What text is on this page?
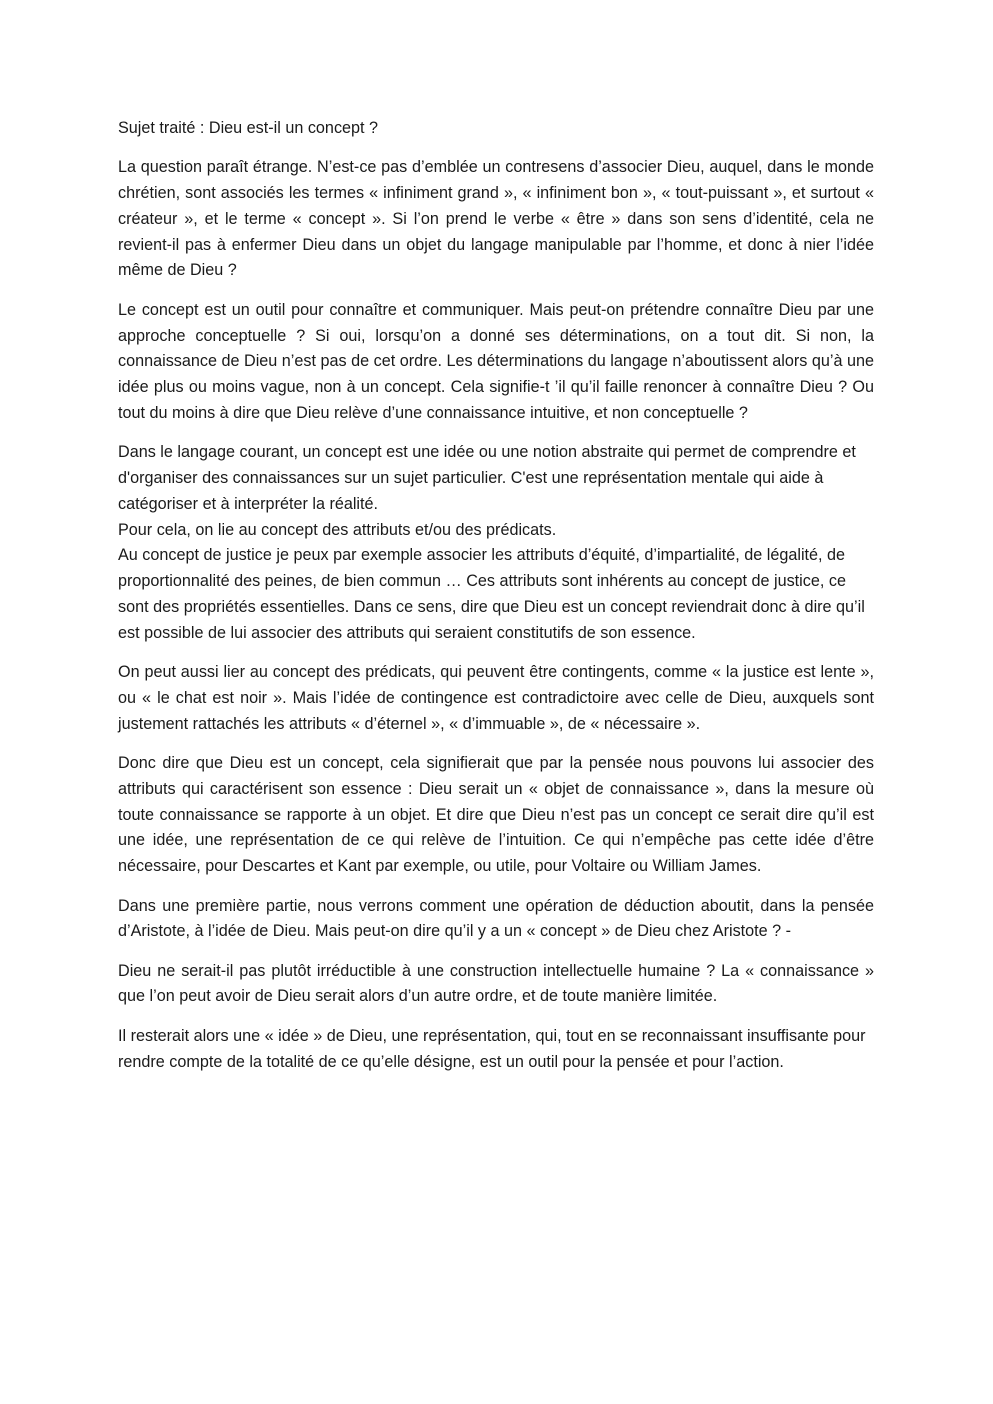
Sujet traité : Dieu est-il un concept ?

La question paraît étrange. N’est-ce pas d’emblée un contresens d’associer Dieu, auquel, dans le monde chrétien, sont associés les termes « infiniment grand », « infiniment bon », « tout-puissant », et surtout « créateur », et le terme « concept ». Si l’on prend le verbe « être » dans son sens d’identité, cela ne revient-il pas à enfermer Dieu dans un objet du langage manipulable par l’homme, et donc à nier l’idée même de Dieu ?

Le concept est un outil pour connaître et communiquer. Mais peut-on prétendre connaître Dieu par une approche conceptuelle ? Si oui, lorsqu’on a donné ses déterminations, on a tout dit. Si non, la connaissance de Dieu n’est pas de cet ordre. Les déterminations du langage n’aboutissent alors qu’à une idée plus ou moins vague, non à un concept. Cela signifie-t ’il qu’il faille renoncer à connaître Dieu ? Ou tout du moins à dire que Dieu relève d’une connaissance intuitive, et non conceptuelle ?

Dans le langage courant, un concept est une idée ou une notion abstraite qui permet de comprendre et d'organiser des connaissances sur un sujet particulier. C'est une représentation mentale qui aide à catégoriser et à interpréter la réalité.
Pour cela, on lie au concept des attributs et/ou des prédicats.
Au concept de justice je peux par exemple associer les attributs d’équité, d’impartialité, de légalité, de proportionnalité des peines, de bien commun … Ces attributs sont inhérents au concept de justice, ce sont des propriétés essentielles. Dans ce sens, dire que Dieu est un concept reviendrait donc à dire qu’il est possible de lui associer des attributs qui seraient constitutifs de son essence.

On peut aussi lier au concept des prédicats, qui peuvent être contingents, comme « la justice est lente », ou « le chat est noir ». Mais l’idée de contingence est contradictoire avec celle de Dieu, auxquels sont justement rattachés les attributs « d’éternel », « d’immuable », de « nécessaire ».

Donc dire que Dieu est un concept, cela signifierait que par la pensée nous pouvons lui associer des attributs qui caractérisent son essence : Dieu serait un « objet de connaissance », dans la mesure où toute connaissance se rapporte à un objet. Et dire que Dieu n’est pas un concept ce serait dire qu’il est une idée, une représentation de ce qui relève de l’intuition. Ce qui n’empêche pas cette idée d’être nécessaire, pour Descartes et Kant par exemple, ou utile, pour Voltaire ou William James.

Dans une première partie, nous verrons comment une opération de déduction aboutit, dans la pensée d’Aristote, à l’idée de Dieu. Mais peut-on dire qu’il y a un « concept » de Dieu chez Aristote ? -

Dieu ne serait-il pas plutôt irréductible à une construction intellectuelle humaine ? La « connaissance » que l’on peut avoir de Dieu serait alors d’un autre ordre, et de toute manière limitée.

Il resterait alors une « idée » de Dieu, une représentation, qui, tout en se reconnaissant insuffisante pour rendre compte de la totalité de ce qu’elle désigne, est un outil pour la pensée et pour l’action.
